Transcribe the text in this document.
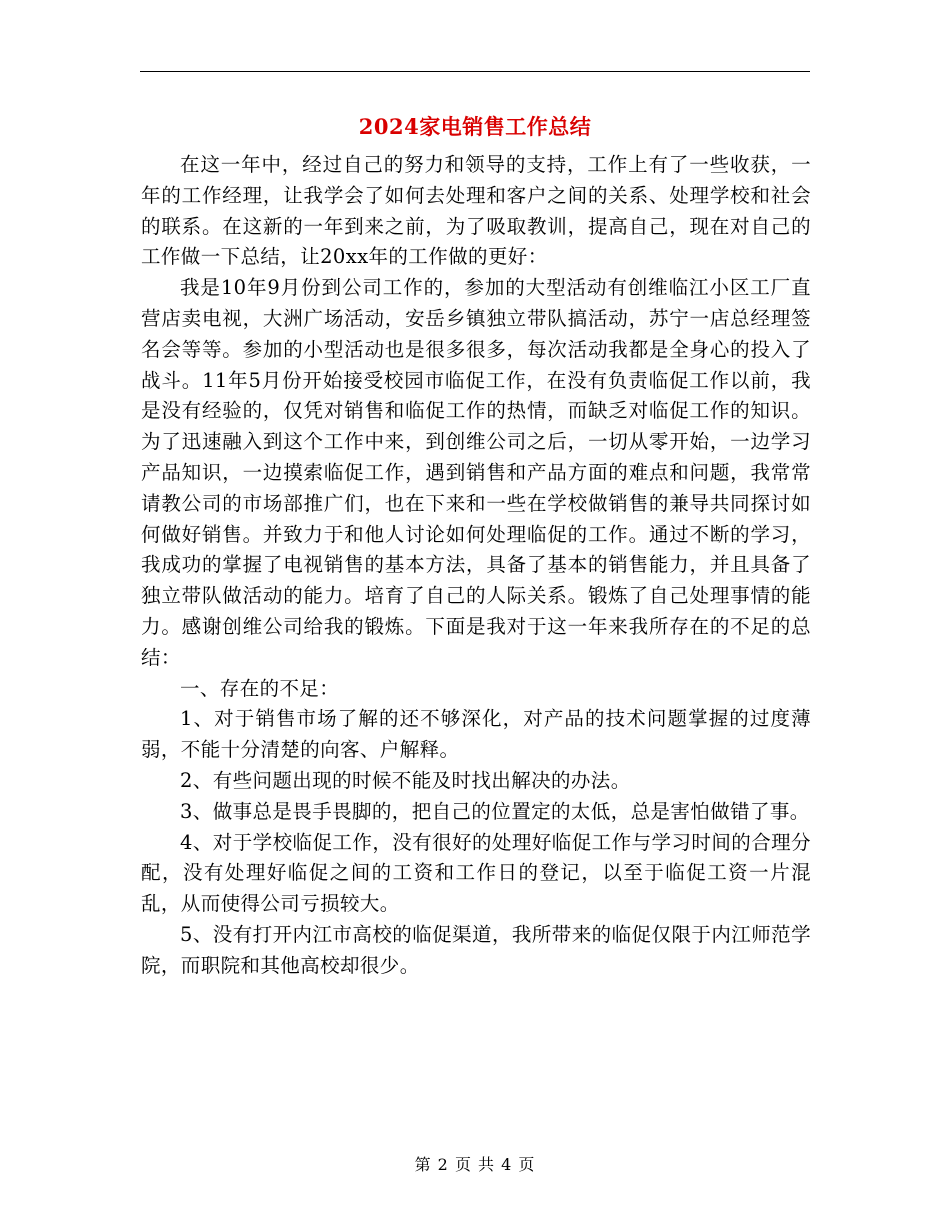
2024家电销售工作总结

在这一年中，经过自己的努力和领导的支持，工作上有了一些收获，一年的工作经理，让我学会了如何去处理和客户之间的关系、处理学校和社会的联系。在这新的一年到来之前，为了吸取教训，提高自己，现在对自己的工作做一下总结，让20xx年的工作做的更好：

我是10年9月份到公司工作的，参加的大型活动有创维临江小区工厂直营店卖电视，大洲广场活动，安岳乡镇独立带队搞活动，苏宁一店总经理签名会等等。参加的小型活动也是很多很多，每次活动我都是全身心的投入了战斗。11年5月份开始接受校园市临促工作，在没有负责临促工作以前，我是没有经验的，仅凭对销售和临促工作的热情，而缺乏对临促工作的知识。为了迅速融入到这个工作中来，到创维公司之后，一切从零开始，一边学习产品知识，一边摸索临促工作，遇到销售和产品方面的难点和问题，我常常请教公司的市场部推广们，也在下来和一些在学校做销售的兼导共同探讨如何做好销售。并致力于和他人讨论如何处理临促的工作。通过不断的学习，我成功的掌握了电视销售的基本方法，具备了基本的销售能力，并且具备了独立带队做活动的能力。培育了自己的人际关系。锻炼了自己处理事情的能力。感谢创维公司给我的锻炼。下面是我对于这一年来我所存在的不足的总结：

一、存在的不足：

1、对于销售市场了解的还不够深化，对产品的技术问题掌握的过度薄弱，不能十分清楚的向客、户解释。

2、有些问题出现的时候不能及时找出解决的办法。

3、做事总是畏手畏脚的，把自己的位置定的太低，总是害怕做错了事。

4、对于学校临促工作，没有很好的处理好临促工作与学习时间的合理分配，没有处理好临促之间的工资和工作日的登记，以至于临促工资一片混乱，从而使得公司亏损较大。

5、没有打开内江市高校的临促渠道，我所带来的临促仅限于内江师范学院，而职院和其他高校却很少。

第 2 页 共 4 页
